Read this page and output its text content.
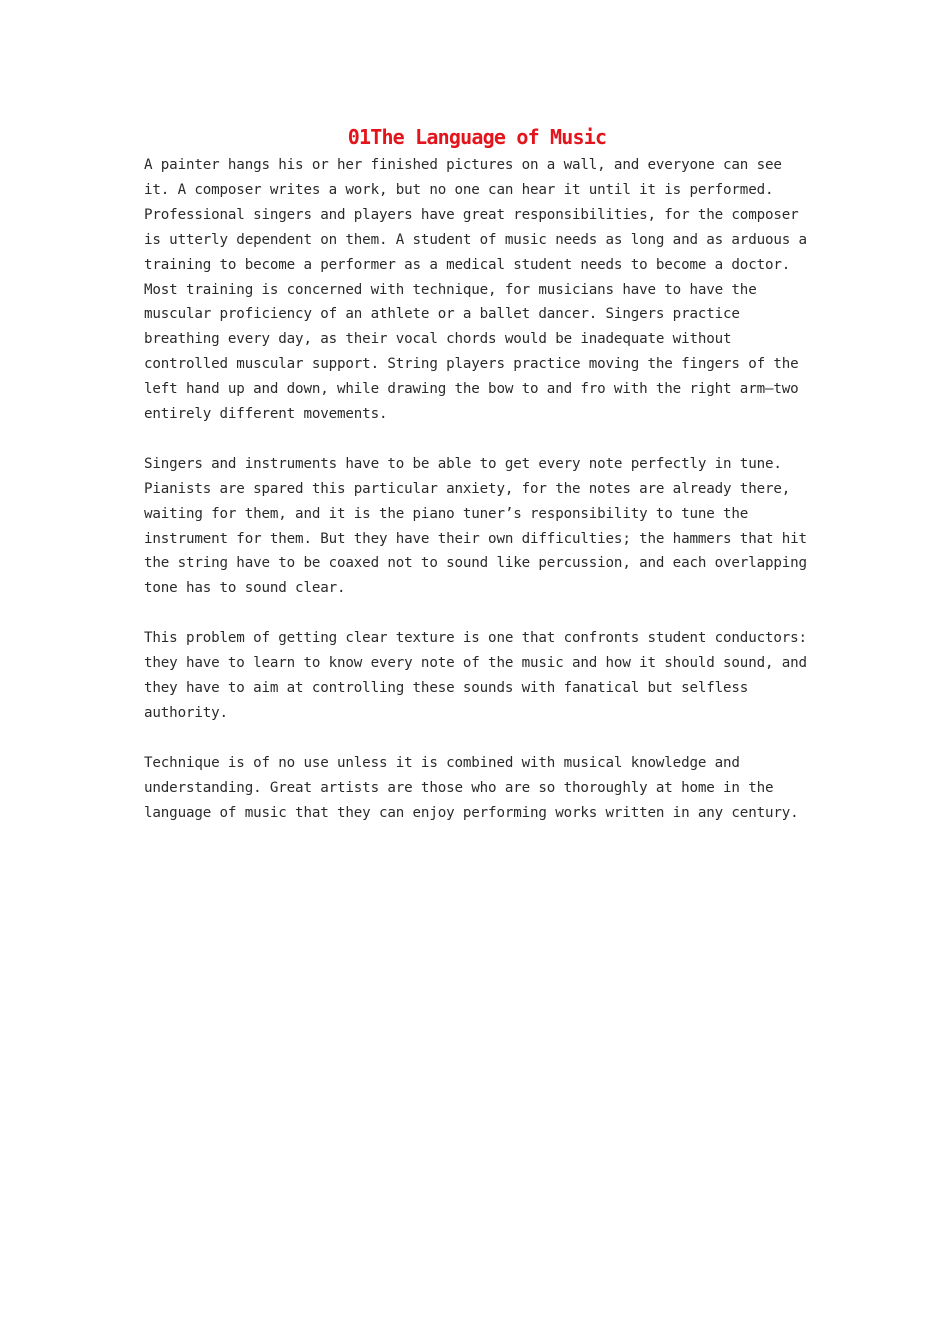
01The Language of Music

A painter hangs his or her finished pictures on a wall, and everyone can see it. A composer writes a work, but no one can hear it until it is performed. Professional singers and players have great responsibilities, for the composer is utterly dependent on them. A student of music needs as long and as arduous a training to become a performer as a medical student needs to become a doctor. Most training is concerned with technique, for musicians have to have the muscular proficiency of an athlete or a ballet dancer. Singers practice breathing every day, as their vocal chords would be inadequate without controlled muscular support. String players practice moving the fingers of the left hand up and down, while drawing the bow to and fro with the right arm—two entirely different movements.

Singers and instruments have to be able to get every note perfectly in tune. Pianists are spared this particular anxiety, for the notes are already there, waiting for them, and it is the piano tuner’s responsibility to tune the instrument for them. But they have their own difficulties; the hammers that hit the string have to be coaxed not to sound like percussion, and each overlapping tone has to sound clear.

This problem of getting clear texture is one that confronts student conductors: they have to learn to know every note of the music and how it should sound, and they have to aim at controlling these sounds with fanatical but selfless authority.

Technique is of no use unless it is combined with musical knowledge and understanding. Great artists are those who are so thoroughly at home in the language of music that they can enjoy performing works written in any century.
